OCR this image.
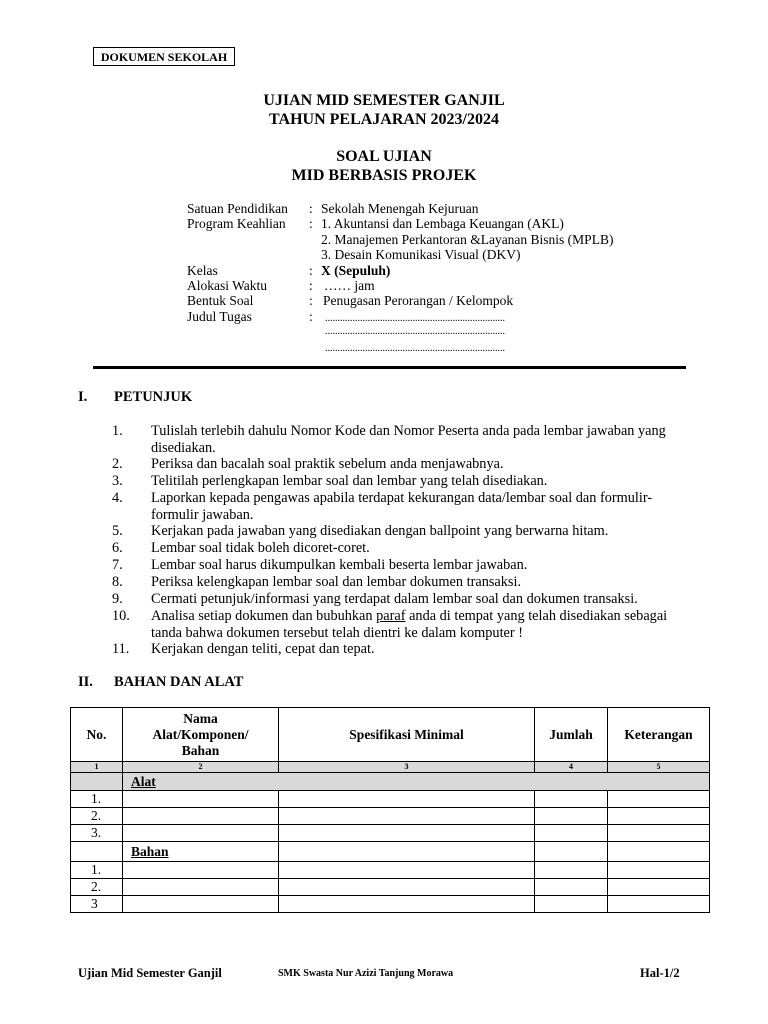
DOKUMEN SEKOLAH
UJIAN MID SEMESTER GANJIL
TAHUN PELAJARAN 2023/2024
SOAL UJIAN
MID BERBASIS PROJEK
Satuan Pendidikan : Sekolah Menengah Kejuruan
Program Keahlian : 1. Akuntansi dan Lembaga Keuangan (AKL)
2. Manajemen Perkantoran &Layanan Bisnis (MPLB)
3. Desain Komunikasi Visual (DKV)
Kelas	: X (Sepuluh)
Alokasi Waktu	: …… jam
Bentuk Soal	: Penugasan Perorangan / Kelompok
Judul Tugas	: ........................................................................
........................................................................
........................................................................
I. PETUNJUK
1. Tulislah terlebih dahulu Nomor Kode dan Nomor Peserta anda pada lembar jawaban yang disediakan.
2. Periksa dan bacalah soal praktik sebelum anda menjawabnya.
3. Telitilah perlengkapan lembar soal dan lembar yang telah disediakan.
4. Laporkan kepada pengawas apabila terdapat kekurangan data/lembar soal dan formulir-formulir jawaban.
5. Kerjakan pada jawaban yang disediakan dengan ballpoint yang berwarna hitam.
6. Lembar soal tidak boleh dicoret-coret.
7. Lembar soal harus dikumpulkan kembali beserta lembar jawaban.
8. Periksa kelengkapan lembar soal dan lembar dokumen transaksi.
9. Cermati petunjuk/informasi yang terdapat dalam lembar soal dan dokumen transaksi.
10. Analisa setiap dokumen dan bubuhkan paraf anda di tempat yang telah disediakan sebagai tanda bahwa dokumen tersebut telah dientri ke dalam komputer !
11. Kerjakan dengan teliti, cepat dan tepat.
II. BAHAN DAN ALAT
No.	Nama
Alat/Komponen/
Bahan	Spesifikasi Minimal	Jumlah	Keterangan
1	2	3	4	5
	Alat			
1.				
2.				
3.				
	Bahan			
1.				
2.				
3				
Ujian Mid Semester Ganjil	SMK Swasta Nur Azizi Tanjung Morawa	Hal-1/2
